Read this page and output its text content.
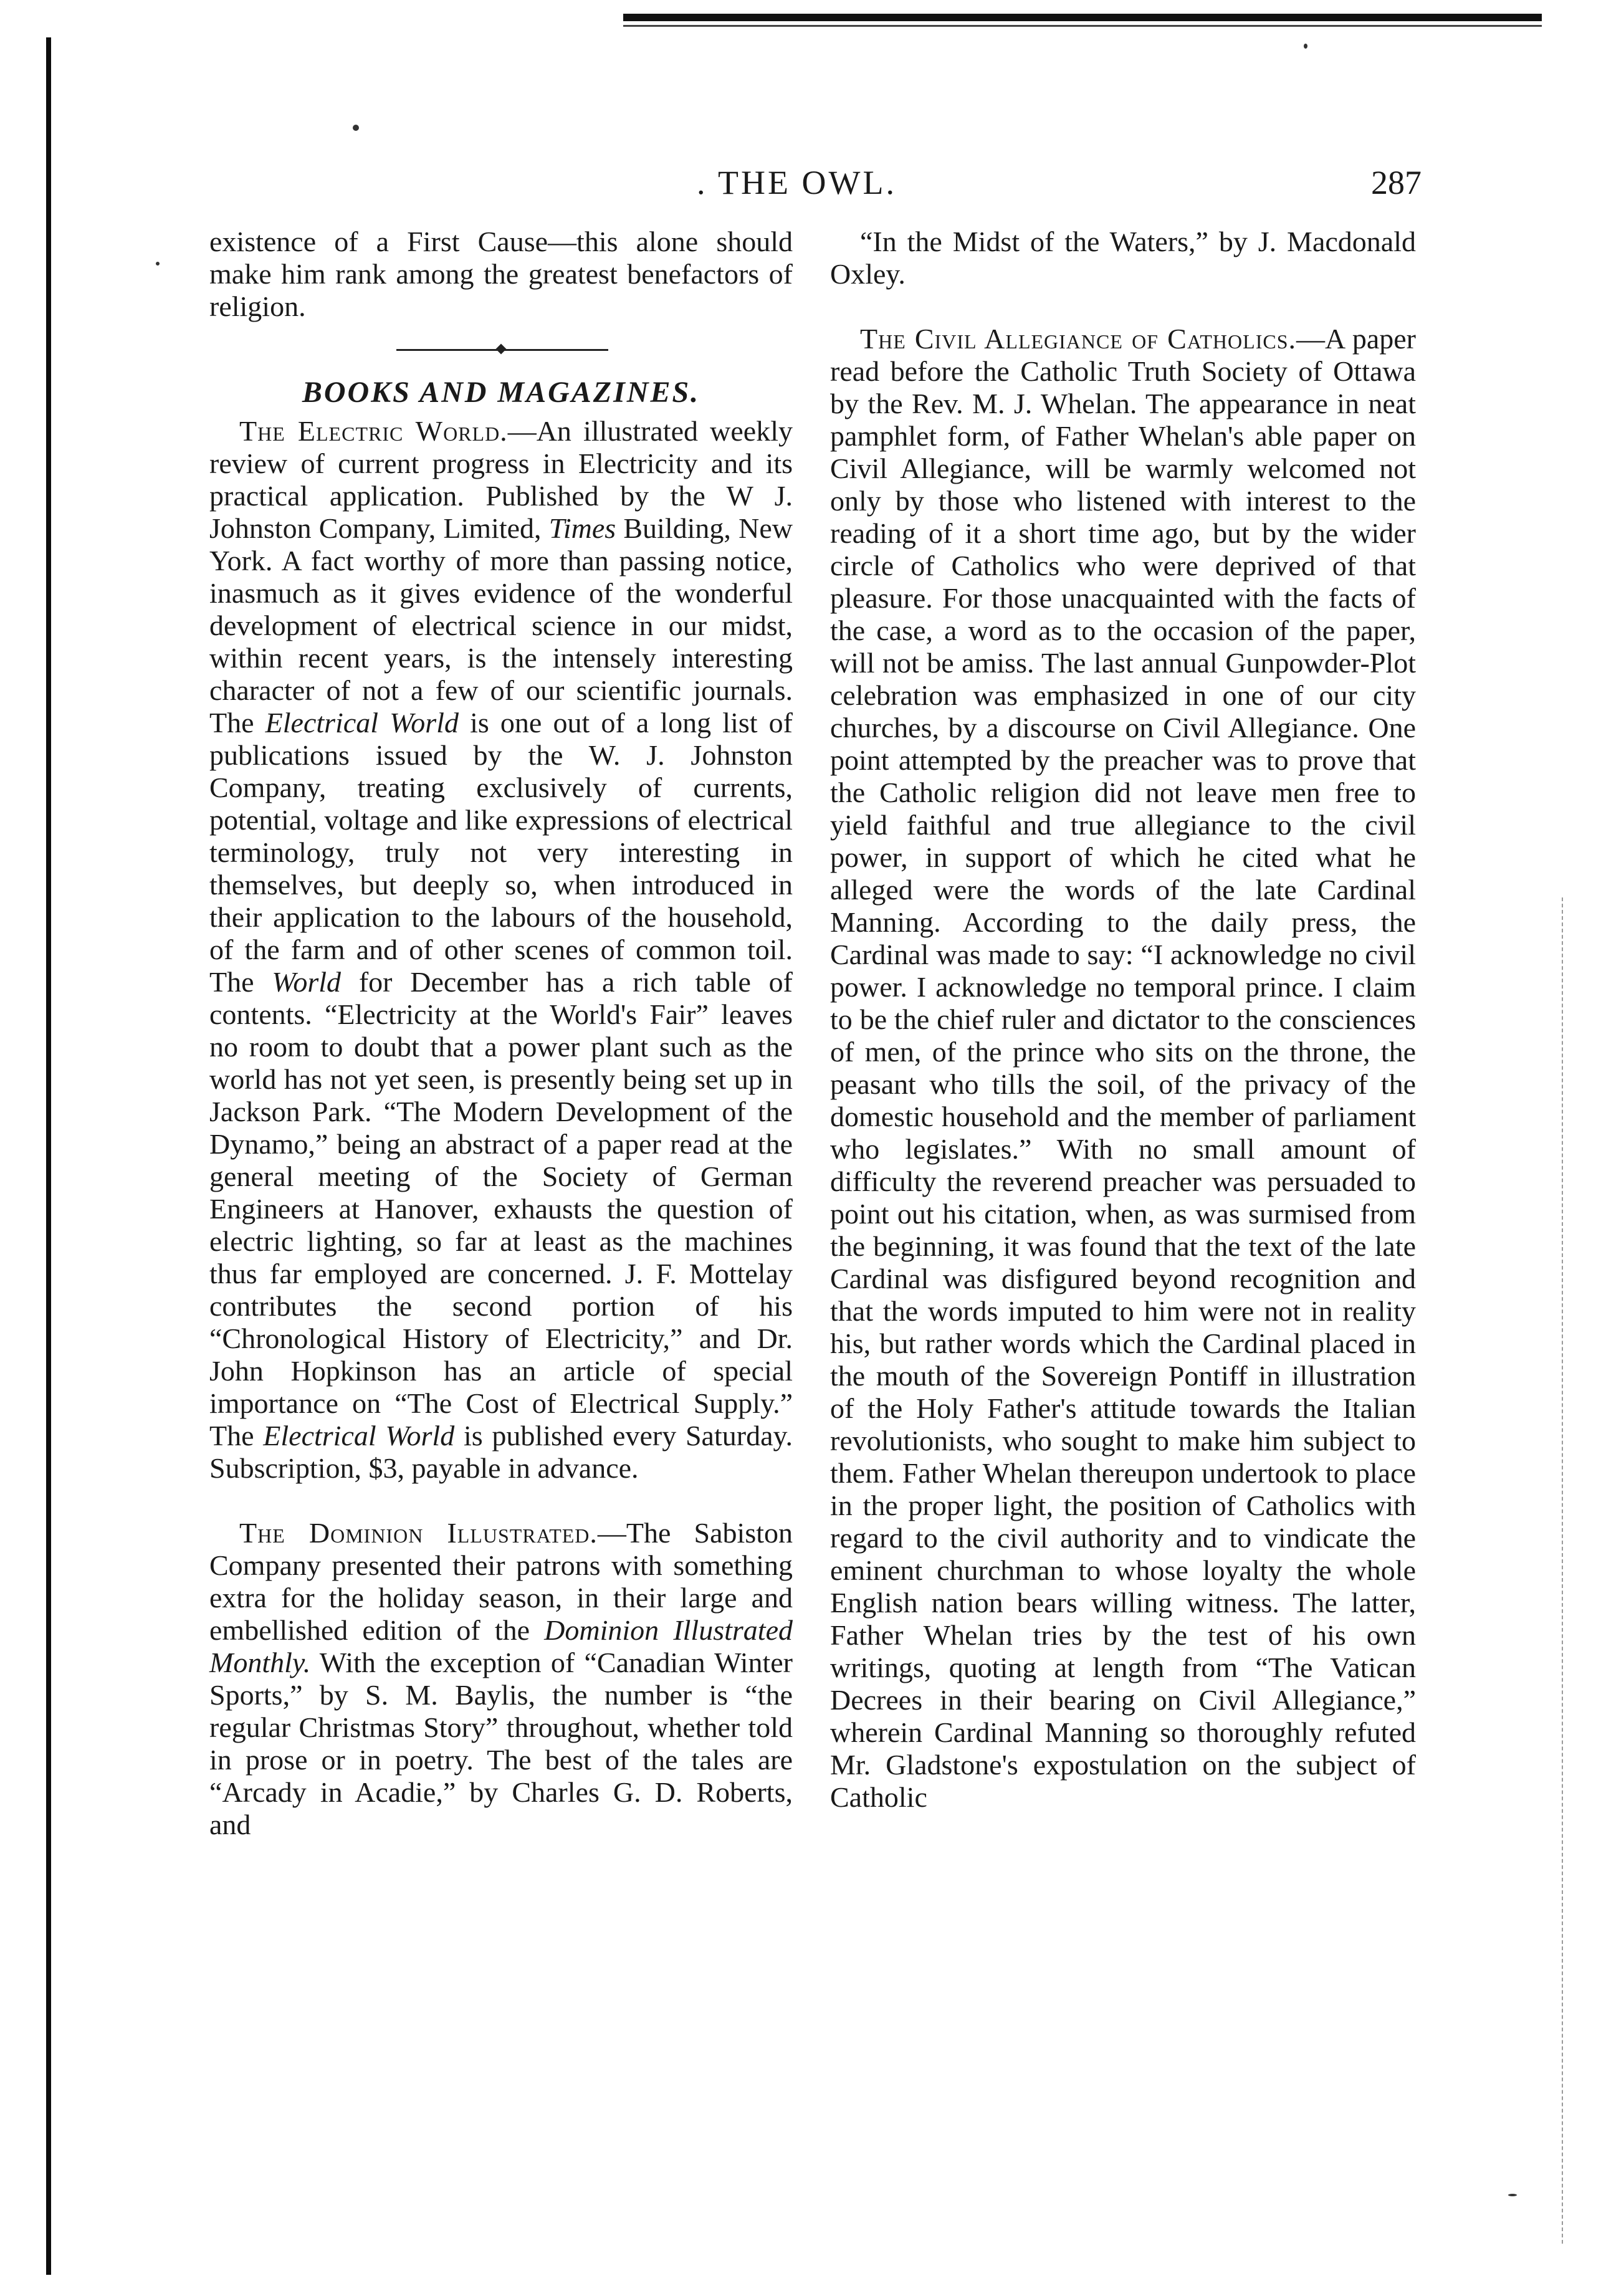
. THE OWL.	287

existence of a First Cause—this alone should make him rank among the greatest benefactors of religion.

BOOKS AND MAGAZINES.

The Electric World.—An illustrated weekly review of current progress in Electricity and its practical application. Published by the W J. Johnston Company, Limited, Times Building, New York. A fact worthy of more than passing notice, inasmuch as it gives evidence of the wonderful development of electrical science in our midst, within recent years, is the intensely interesting character of not a few of our scientific journals. The Electrical World is one out of a long list of publications issued by the W. J. Johnston Company, treating exclusively of currents, potential, voltage and like expressions of electrical terminology, truly not very interesting in themselves, but deeply so, when introduced in their application to the labours of the household, of the farm and of other scenes of common toil. The World for December has a rich table of contents. “Electricity at the World's Fair” leaves no room to doubt that a power plant such as the world has not yet seen, is presently being set up in Jackson Park. “The Modern Development of the Dynamo,” being an abstract of a paper read at the general meeting of the Society of German Engineers at Hanover, exhausts the question of electric lighting, so far at least as the machines thus far employed are concerned. J. F. Mottelay contributes the second portion of his “Chronological History of Electricity,” and Dr. John Hopkinson has an article of special importance on “The Cost of Electrical Supply.” The Electrical World is published every Saturday. Subscription, $3, payable in advance.

The Dominion Illustrated.—The Sabiston Company presented their patrons with something extra for the holiday season, in their large and embellished edition of the Dominion Illustrated Monthly. With the exception of “Canadian Winter Sports,” by S. M. Baylis, the number is “the regular Christmas Story” throughout, whether told in prose or in poetry. The best of the tales are “Arcady in Acadie,” by Charles G. D. Roberts, and

“In the Midst of the Waters,” by J. Macdonald Oxley.

The Civil Allegiance of Catholics.—A paper read before the Catholic Truth Society of Ottawa by the Rev. M. J. Whelan. The appearance in neat pamphlet form, of Father Whelan's able paper on Civil Allegiance, will be warmly welcomed not only by those who listened with interest to the reading of it a short time ago, but by the wider circle of Catholics who were deprived of that pleasure. For those unacquainted with the facts of the case, a word as to the occasion of the paper, will not be amiss. The last annual Gunpowder-Plot celebration was emphasized in one of our city churches, by a discourse on Civil Allegiance. One point attempted by the preacher was to prove that the Catholic religion did not leave men free to yield faithful and true allegiance to the civil power, in support of which he cited what he alleged were the words of the late Cardinal Manning. According to the daily press, the Cardinal was made to say: “I acknowledge no civil power. I acknowledge no temporal prince. I claim to be the chief ruler and dictator to the consciences of men, of the prince who sits on the throne, the peasant who tills the soil, of the privacy of the domestic household and the member of parliament who legislates.” With no small amount of difficulty the reverend preacher was persuaded to point out his citation, when, as was surmised from the beginning, it was found that the text of the late Cardinal was disfigured beyond recognition and that the words imputed to him were not in reality his, but rather words which the Cardinal placed in the mouth of the Sovereign Pontiff in illustration of the Holy Father's attitude towards the Italian revolutionists, who sought to make him subject to them. Father Whelan thereupon undertook to place in the proper light, the position of Catholics with regard to the civil authority and to vindicate the eminent churchman to whose loyalty the whole English nation bears willing witness. The latter, Father Whelan tries by the test of his own writings, quoting at length from “The Vatican Decrees in their bearing on Civil Allegiance,” wherein Cardinal Manning so thoroughly refuted Mr. Gladstone's expostulation on the subject of Catholic
